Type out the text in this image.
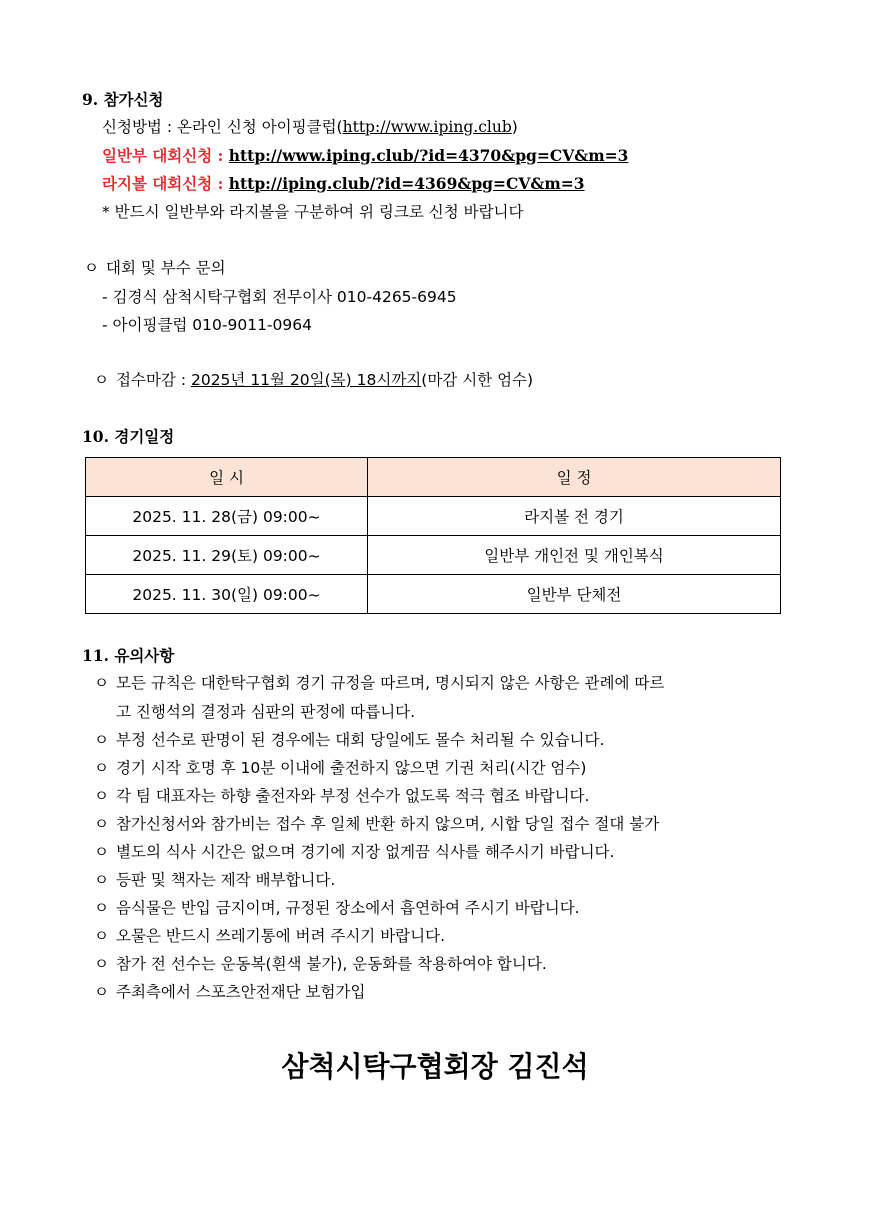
9. 참가신청
신청방법 : 온라인 신청 아이핑클럽(http://www.iping.club)
일반부 대회신청 : http://www.iping.club/?id=4370&pg=CV&m=3
라지볼 대회신청 : http://iping.club/?id=4369&pg=CV&m=3
* 반드시 일반부와 라지볼을 구분하여 위 링크로 신청 바랍니다
ㅇ 대회 및 부수 문의
- 김경식 삼척시탁구협회 전무이사 010-4265-6945
- 아이핑클럽 010-9011-0964
ㅇ 접수마감 : 2025년 11월 20일(목) 18시까지(마감 시한 엄수)
10. 경기일정
일 시	일 정
2025. 11. 28(금) 09:00~	라지볼 전 경기
2025. 11. 29(토) 09:00~	일반부 개인전 및 개인복식
2025. 11. 30(일) 09:00~	일반부 단체전
11. 유의사항
ㅇ 모든 규칙은 대한탁구협회 경기 규정을 따르며, 명시되지 않은 사항은 관례에 따르
고 진행석의 결정과 심판의 판정에 따릅니다.
ㅇ 부정 선수로 판명이 된 경우에는 대회 당일에도 몰수 처리될 수 있습니다.
ㅇ 경기 시작 호명 후 10분 이내에 출전하지 않으면 기권 처리(시간 엄수)
ㅇ 각 팀 대표자는 하향 출전자와 부정 선수가 없도록 적극 협조 바랍니다.
ㅇ 참가신청서와 참가비는 접수 후 일체 반환 하지 않으며, 시합 당일 접수 절대 불가
ㅇ 별도의 식사 시간은 없으며 경기에 지장 없게끔 식사를 해주시기 바랍니다.
ㅇ 등판 및 책자는 제작 배부합니다.
ㅇ 음식물은 반입 금지이며, 규정된 장소에서 흡연하여 주시기 바랍니다.
ㅇ 오물은 반드시 쓰레기통에 버려 주시기 바랍니다.
ㅇ 참가 전 선수는 운동복(흰색 불가), 운동화를 착용하여야 합니다.
ㅇ 주최측에서 스포츠안전재단 보험가입
삼척시탁구협회장 김진석
